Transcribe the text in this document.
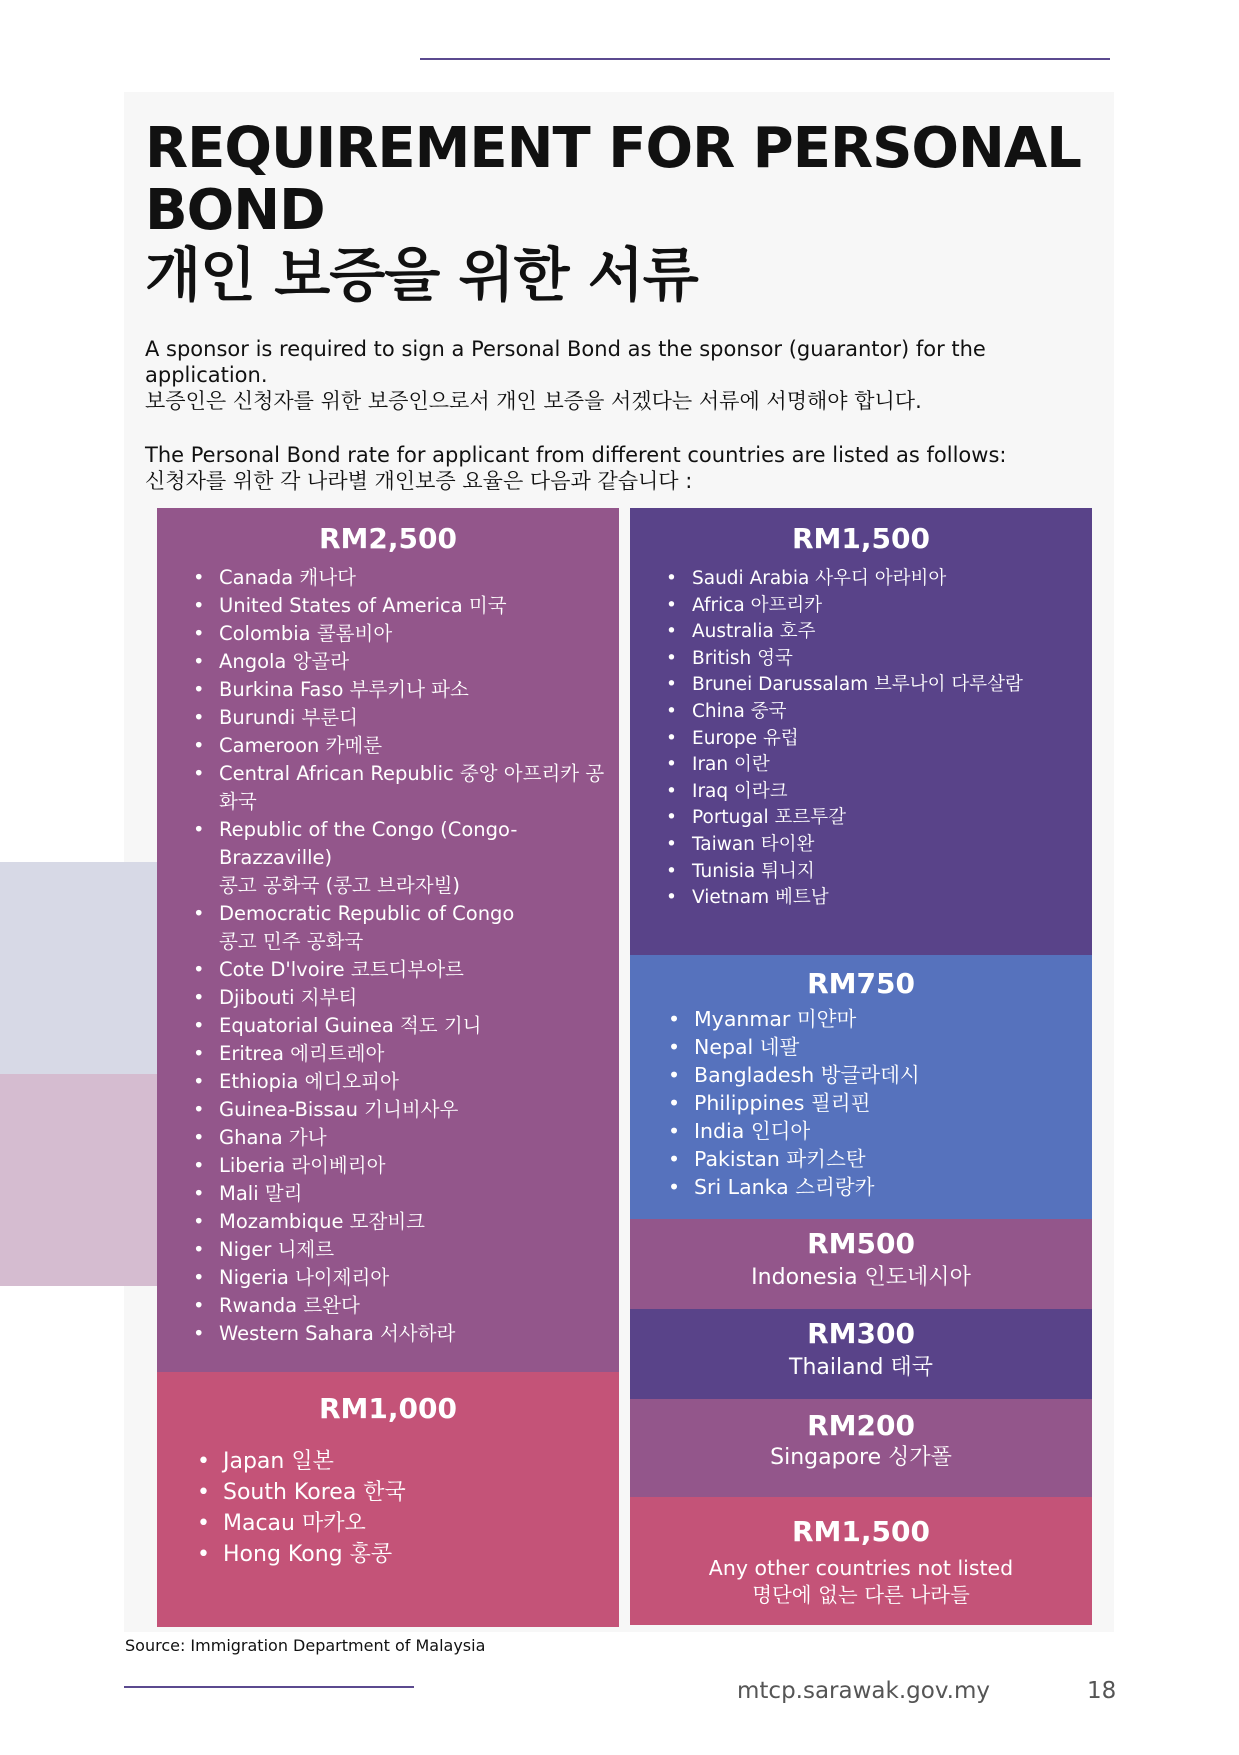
REQUIREMENT FOR PERSONAL BOND
개인 보증을 위한 서류

A sponsor is required to sign a Personal Bond as the sponsor (guarantor) for the application.

보증인은 신청자를 위한 보증인으로서 개인 보증을 서겠다는 서류에 서명해야 합니다.

The Personal Bond rate for applicant from different countries are listed as follows:

신청자를 위한 각 나라별 개인보증 요율은 다음과 같습니다 :

RM2,500
• Canada 캐나다
• United States of America 미국
• Colombia 콜롬비아
• Angola 앙골라
• Burkina Faso 부루키나 파소
• Burundi 부룬디
• Cameroon 카메룬
• Central African Republic 중앙 아프리카 공화국
• Republic of the Congo (Congo-Brazzaville)
콩고 공화국 (콩고 브라자빌)
• Democratic Republic of Congo
콩고 민주 공화국
• Cote D'lvoire 코트디부아르
• Djibouti 지부티
• Equatorial Guinea 적도 기니
• Eritrea 에리트레아
• Ethiopia 에디오피아
• Guinea-Bissau 기니비사우
• Ghana 가나
• Liberia 라이베리아
• Mali 말리
• Mozambique 모잠비크
• Niger 니제르
• Nigeria 나이제리아
• Rwanda 르완다
• Western Sahara 서사하라
RM1,000
• Japan 일본
• South Korea 한국
• Macau 마카오
• Hong Kong 홍콩
RM1,500
• Saudi Arabia 사우디 아라비아
• Africa 아프리카
• Australia 호주
• British 영국
• Brunei Darussalam 브루나이 다루살람
• China 중국
• Europe 유럽
• Iran 이란
• Iraq 이라크
• Portugal 포르투갈
• Taiwan 타이완
• Tunisia 튀니지
• Vietnam 베트남
RM750
• Myanmar 미얀마
• Nepal 네팔
• Bangladesh 방글라데시
• Philippines 필리핀
• India 인디아
• Pakistan 파키스탄
• Sri Lanka 스리랑카
RM500
Indonesia 인도네시아
RM300
Thailand 태국
RM200
Singapore 싱가폴
RM1,500
Any other countries not listed
명단에 없는 다른 나라들
Source: Immigration Department of Malaysia
mtcp.sarawak.gov.my	18
